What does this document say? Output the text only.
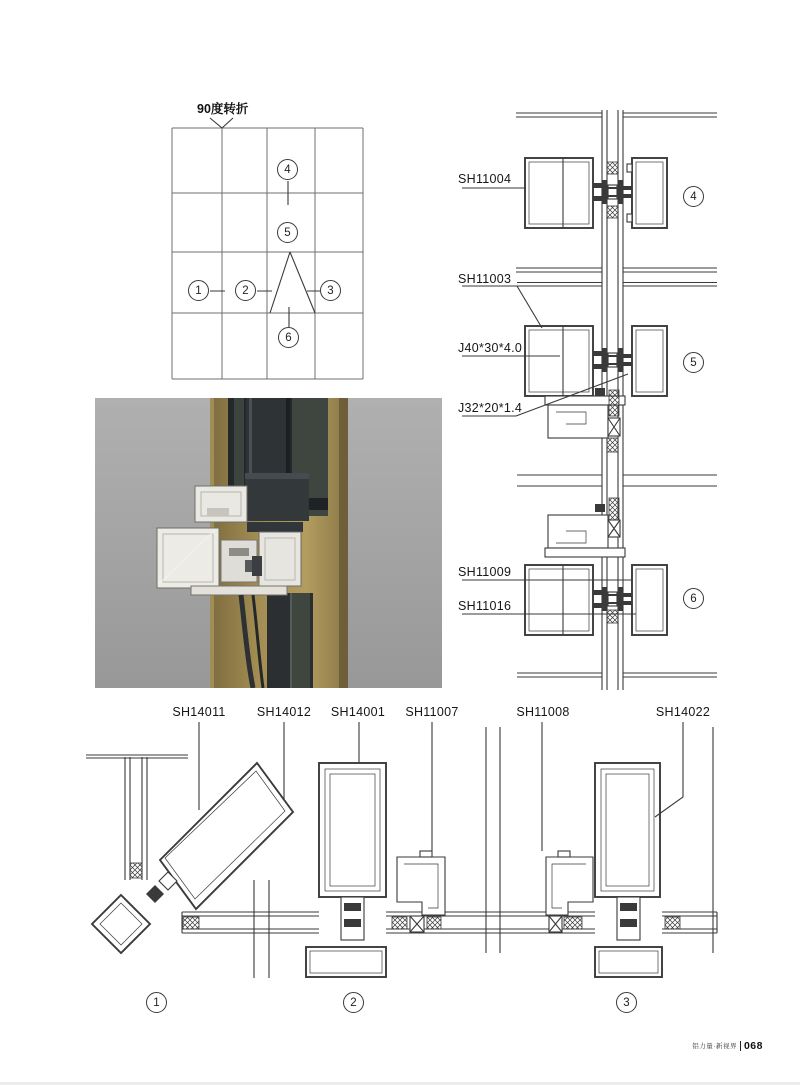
90度转折
1	2	3
4
5
6
SH11004
SH11003
J40*30*4.0
J32*20*1.4
SH11009
SH11016
4
5
6
SH14011	SH14012	SH14001	SH11007	SH11008	SH14022
1	2	3
铝力量·新视界 068
